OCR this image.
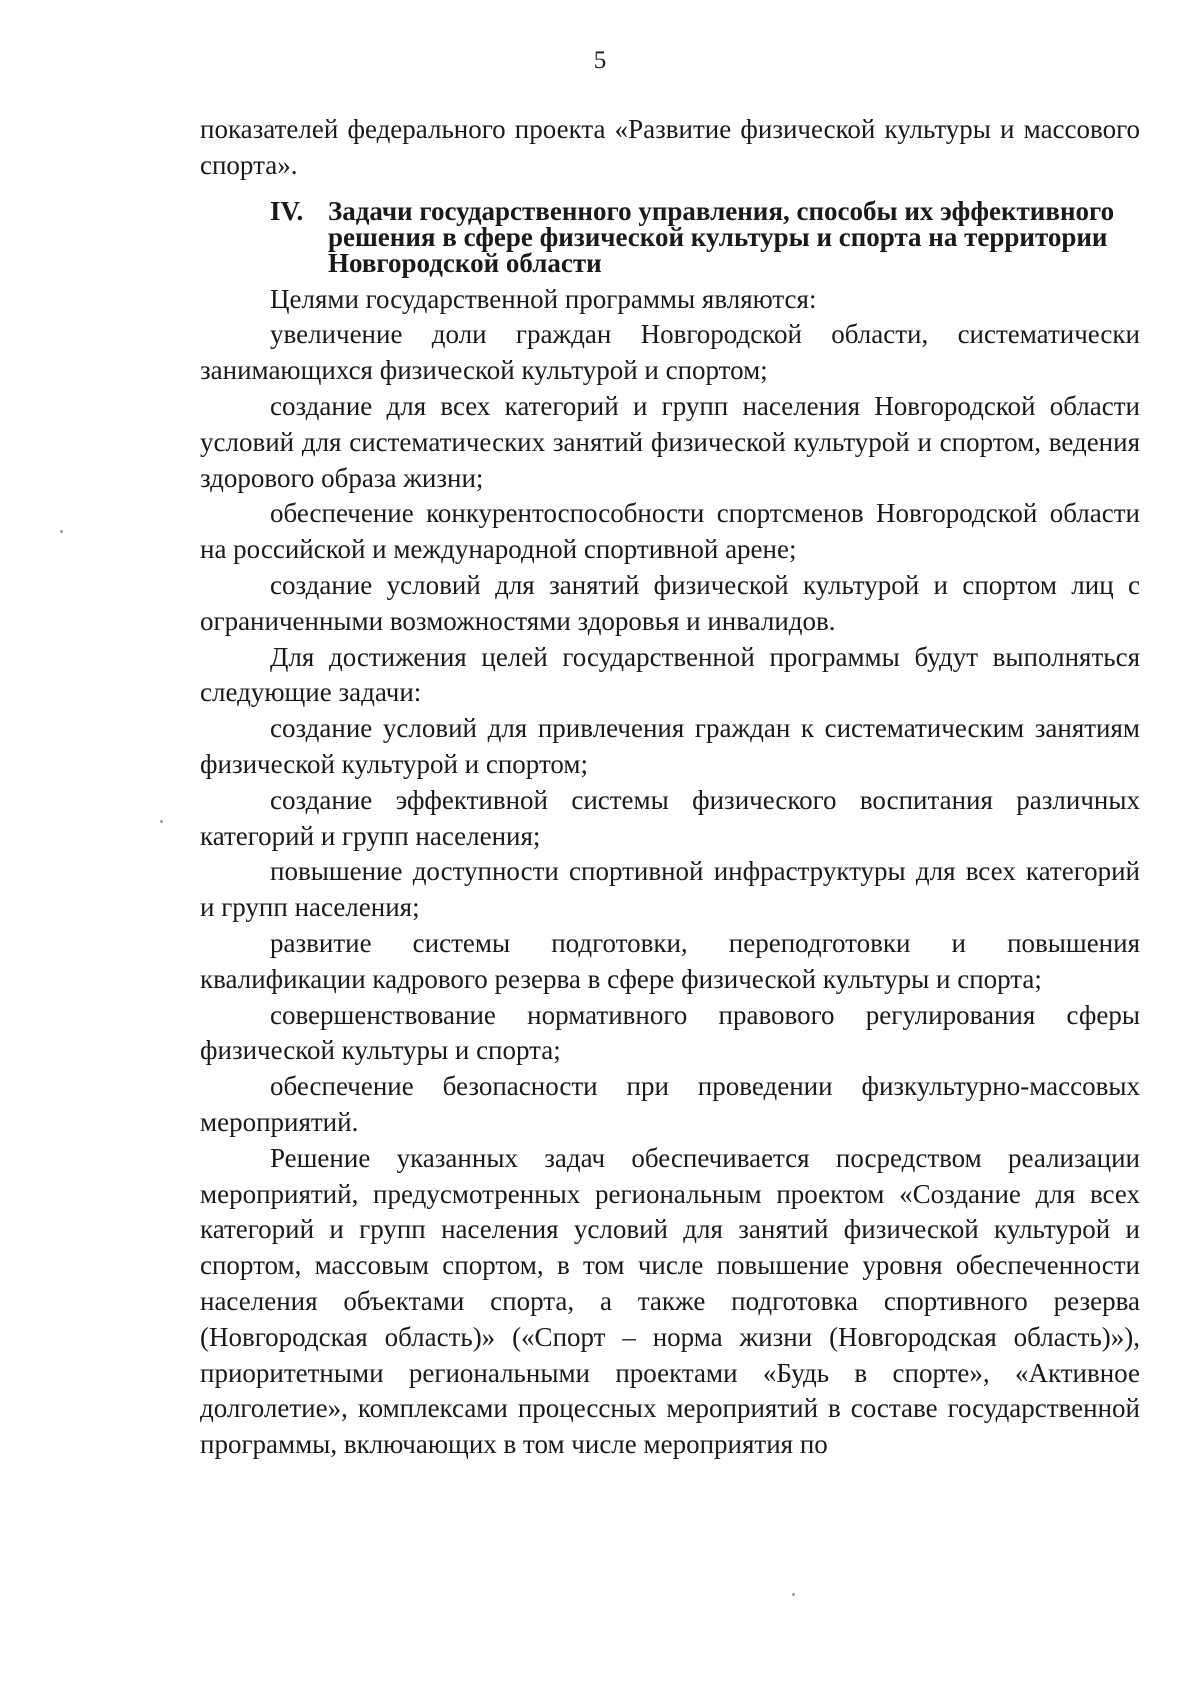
5

показателей федерального проекта «Развитие физической культуры и массового спорта».

IV. Задачи государственного управления, способы их эффективного решения в сфере физической культуры и спорта на территории Новгородской области

Целями государственной программы являются:

увеличение доли граждан Новгородской области, систематически занимающихся физической культурой и спортом;

создание для всех категорий и групп населения Новгородской области условий для систематических занятий физической культурой и спортом, ведения здорового образа жизни;

обеспечение конкурентоспособности спортсменов Новгородской области на российской и международной спортивной арене;

создание условий для занятий физической культурой и спортом лиц с ограниченными возможностями здоровья и инвалидов.

Для достижения целей государственной программы будут выполняться следующие задачи:

создание условий для привлечения граждан к систематическим занятиям физической культурой и спортом;

создание эффективной системы физического воспитания различных категорий и групп населения;

повышение доступности спортивной инфраструктуры для всех категорий и групп населения;

развитие системы подготовки, переподготовки и повышения квалификации кадрового резерва в сфере физической культуры и спорта;

совершенствование нормативного правового регулирования сферы физической культуры и спорта;

обеспечение безопасности при проведении физкультурно-массовых мероприятий.

Решение указанных задач обеспечивается посредством реализации мероприятий, предусмотренных региональным проектом «Создание для всех категорий и групп населения условий для занятий физической культурой и спортом, массовым спортом, в том числе повышение уровня обеспеченности населения объектами спорта, а также подготовка спортивного резерва (Новгородская область)» («Спорт – норма жизни (Новгородская область)»), приоритетными региональными проектами «Будь в спорте», «Активное долголетие», комплексами процессных мероприятий в составе государственной программы, включающих в том числе мероприятия по
